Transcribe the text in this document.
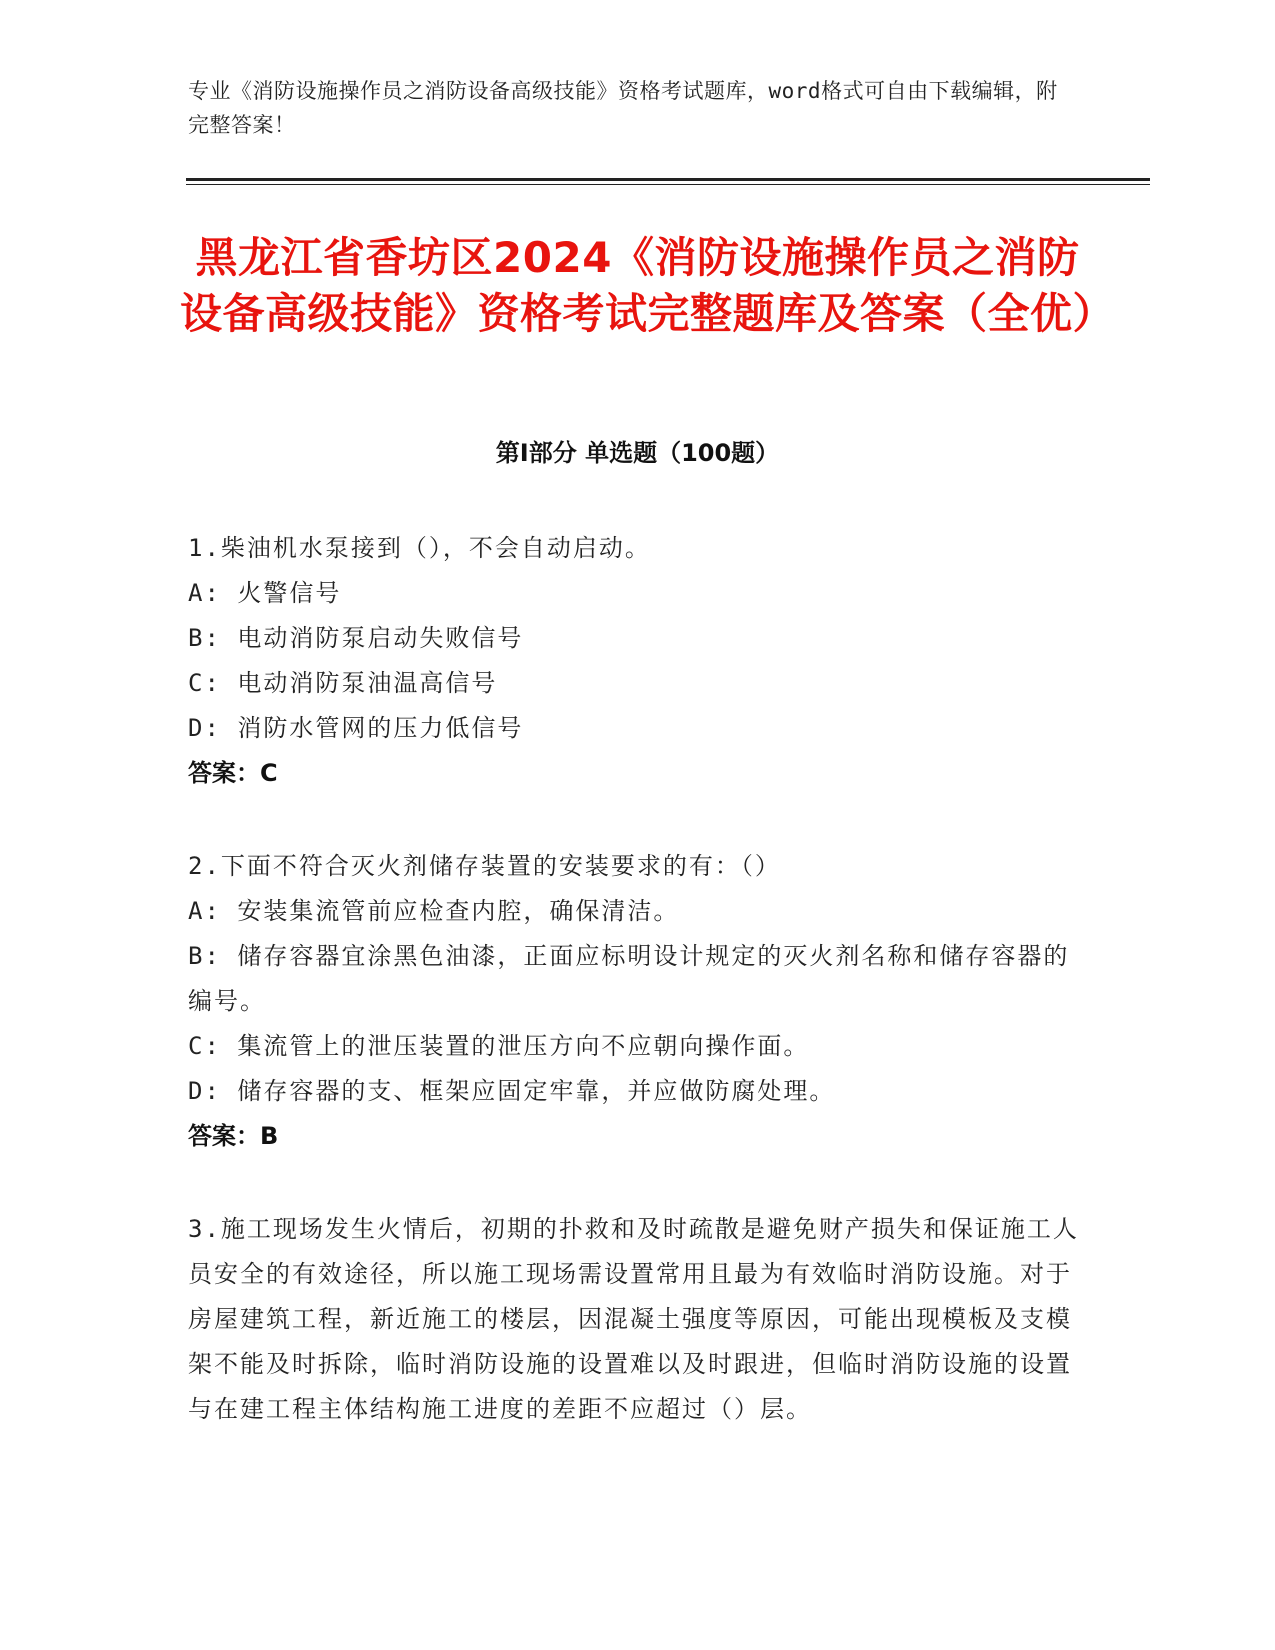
专业《消防设施操作员之消防设备高级技能》资格考试题库，word格式可自由下载编辑，附完整答案！
黑龙江省香坊区2024《消防设施操作员之消防设备高级技能》资格考试完整题库及答案（全优）
第I部分 单选题（100题）
1.柴油机水泵接到（），不会自动启动。
A: 火警信号
B: 电动消防泵启动失败信号
C: 电动消防泵油温高信号
D: 消防水管网的压力低信号
答案：C
2.下面不符合灭火剂储存装置的安装要求的有：（）
A: 安装集流管前应检查内腔，确保清洁。
B: 储存容器宜涂黑色油漆，正面应标明设计规定的灭火剂名称和储存容器的编号。
C: 集流管上的泄压装置的泄压方向不应朝向操作面。
D: 储存容器的支、框架应固定牢靠，并应做防腐处理。
答案：B
3.施工现场发生火情后，初期的扑救和及时疏散是避免财产损失和保证施工人员安全的有效途径，所以施工现场需设置常用且最为有效临时消防设施。对于房屋建筑工程，新近施工的楼层，因混凝土强度等原因，可能出现模板及支模架不能及时拆除，临时消防设施的设置难以及时跟进，但临时消防设施的设置与在建工程主体结构施工进度的差距不应超过（）层。
